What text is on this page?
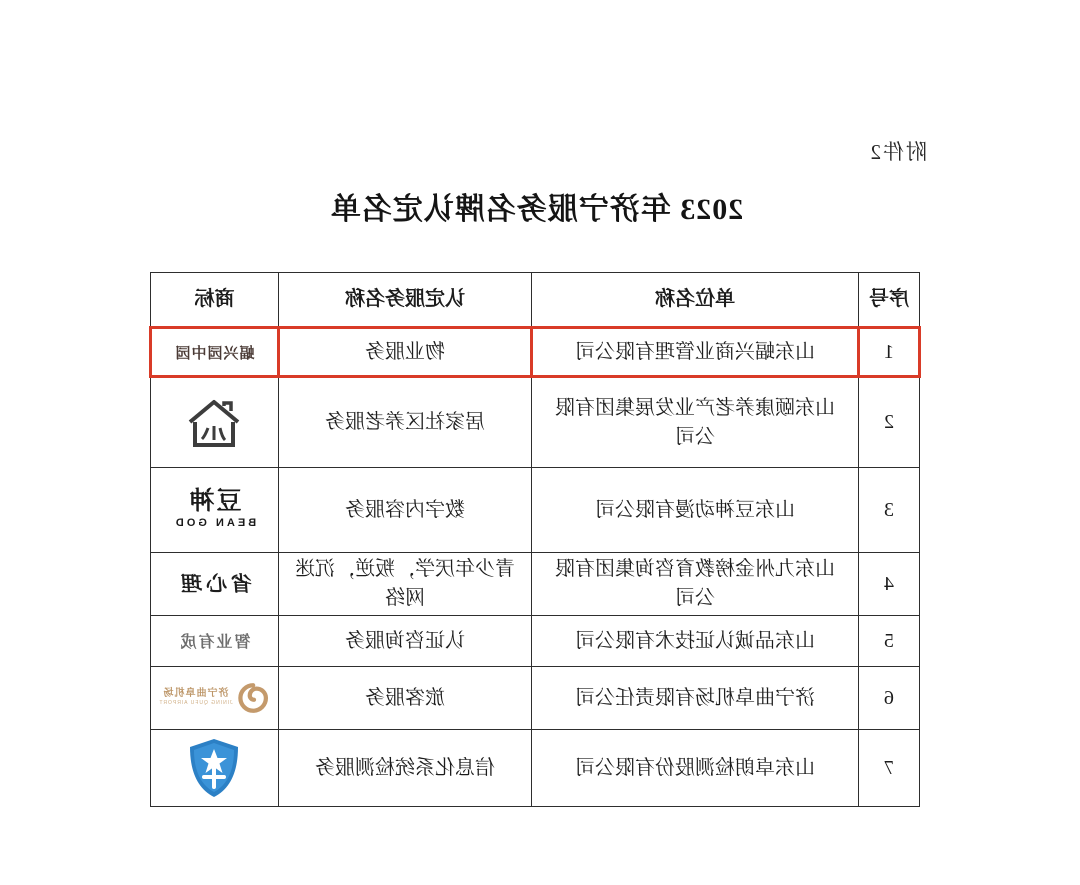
附件2
2023 年济宁服务名牌认定名单
序号	单位名称	认定服务名称	商标
1	山东蝠兴商业管理有限公司	物业服务	蝠兴园中园
2	山东颐康养老产业发展集团有限公司	居家社区养老服务	

3	山东豆神动漫有限公司	数字内容服务	豆神
BEAN GOD

4	山东九州金榜教育咨询集团有限公司	青少年厌学，叛逆，沉迷网络	省心理
5	山东品诚认证技术有限公司	认证咨询服务	智业有成
6	济宁曲阜机场有限责任公司	旅客服务	济宁曲阜机场
JINING QUFU AIRPORT

7	山东卓朗检测股份有限公司	信息化系统检测服务	
